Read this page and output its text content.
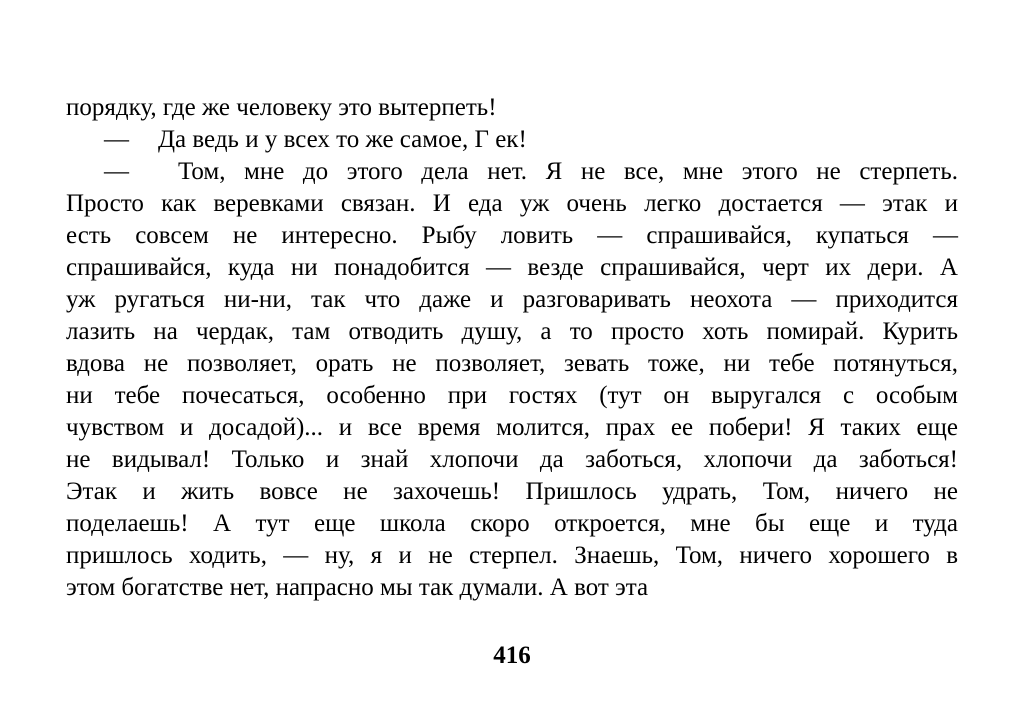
порядку, где же человеку это вытерпеть!
— Да ведь и у всех то же самое, Г ек!
— Том, мне до этого дела нет. Я не все, мне этого не стерпеть.
Просто как веревками связан. И еда уж очень легко достается — этак и
есть совсем не интересно. Рыбу ловить — спрашивайся, купаться —
спрашивайся, куда ни понадобится — везде спрашивайся, черт их дери. А
уж ругаться ни-ни, так что даже и разговаривать неохота — приходится
лазить на чердак, там отводить душу, а то просто хоть помирай. Курить
вдова не позволяет, орать не позволяет, зевать тоже, ни тебе потянуться,
ни тебе почесаться, особенно при гостях (тут он выругался с особым
чувством и досадой)... и все время молится, прах ее побери! Я таких еще
не видывал! Только и знай хлопочи да заботься, хлопочи да заботься!
Этак и жить вовсе не захочешь! Пришлось удрать, Том, ничего не
поделаешь! А тут еще школа скоро откроется, мне бы еще и туда
пришлось ходить, — ну, я и не стерпел. Знаешь, Том, ничего хорошего в
этом богатстве нет, напрасно мы так думали. А вот эта
416
